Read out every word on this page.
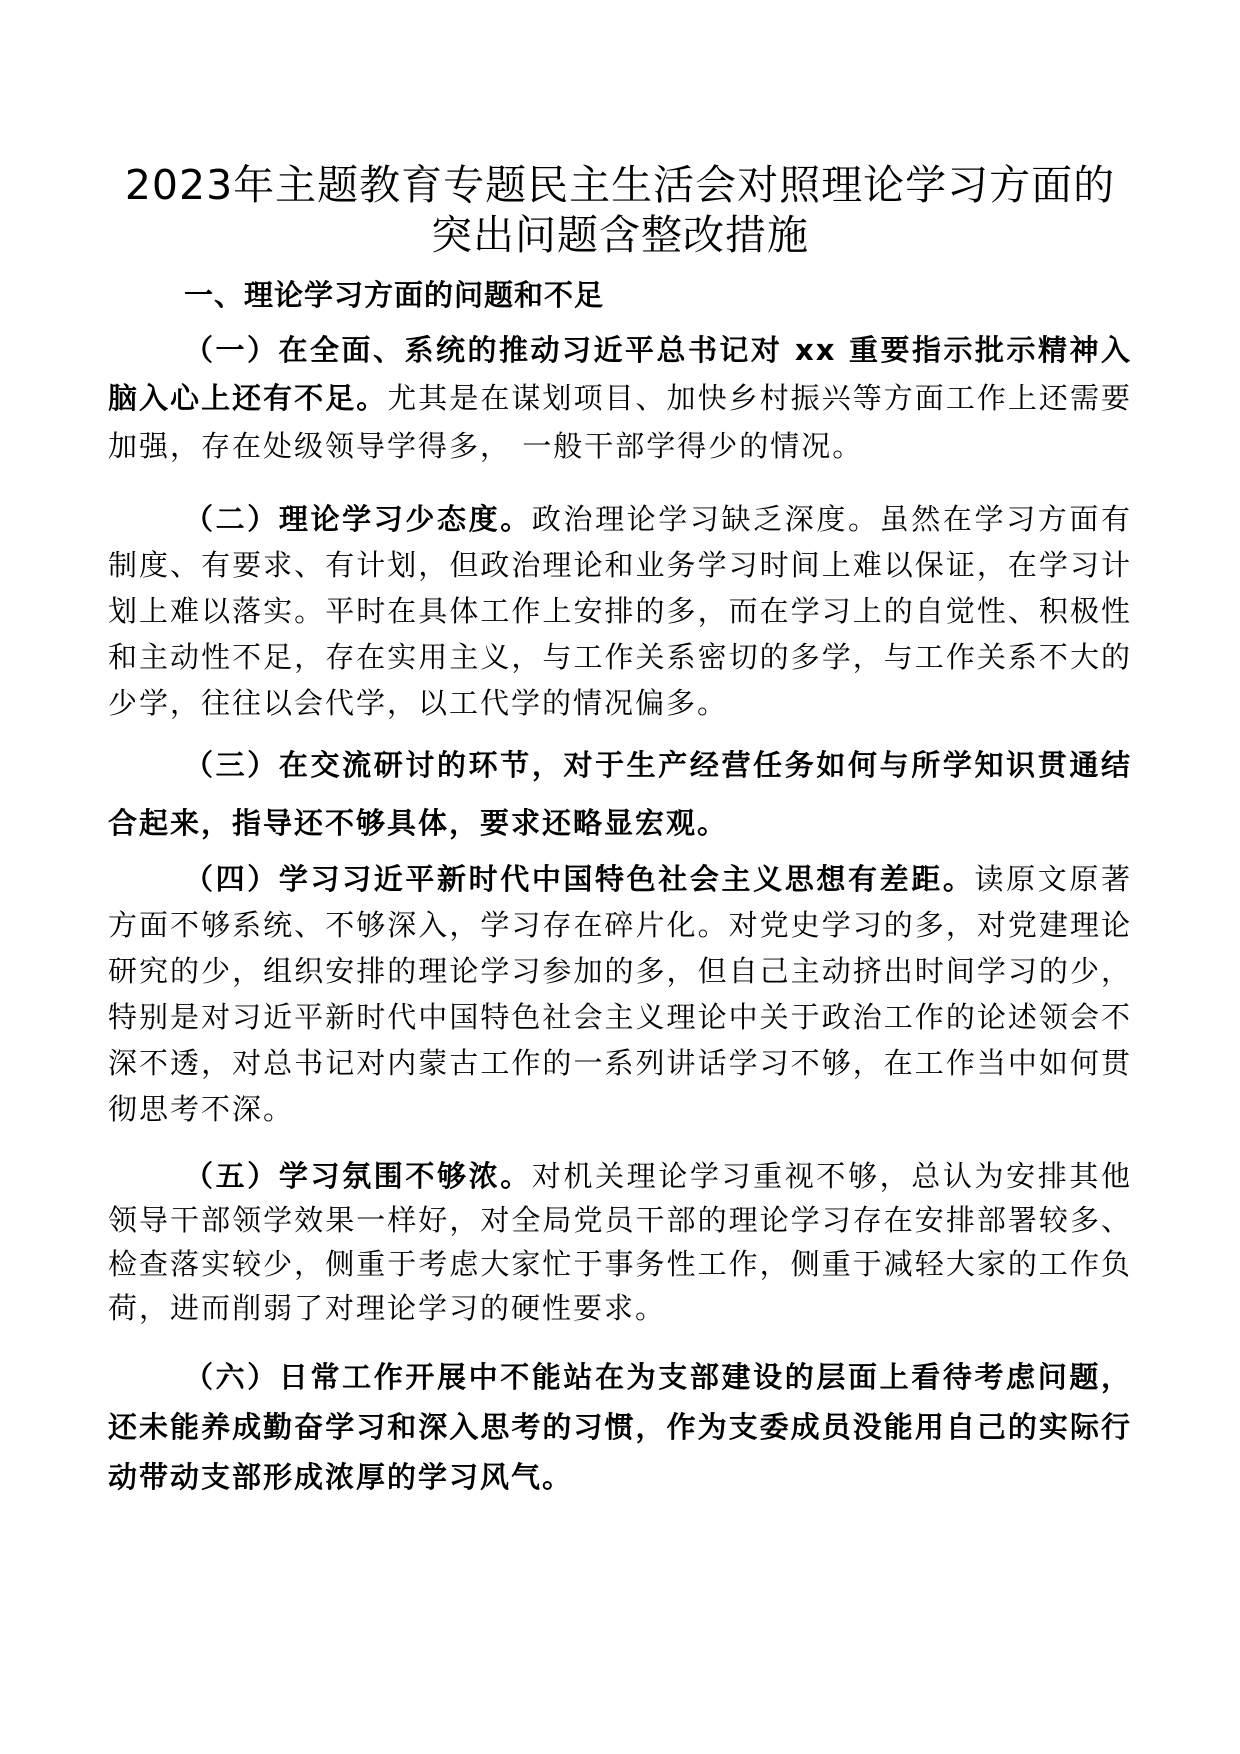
2023年主题教育专题民主生活会对照理论学习方面的
突出问题含整改措施

一、理论学习方面的问题和不足

（一）在全面、系统的推动习近平总书记对 xx 重要指示批示精神入脑入心上还有不足。尤其是在谋划项目、加快乡村振兴等方面工作上还需要加强，存在处级领导学得多， 一般干部学得少的情况。

（二）理论学习少态度。政治理论学习缺乏深度。虽然在学习方面有制度、有要求、有计划，但政治理论和业务学习时间上难以保证，在学习计划上难以落实。平时在具体工作上安排的多，而在学习上的自觉性、积极性和主动性不足，存在实用主义，与工作关系密切的多学，与工作关系不大的少学，往往以会代学，以工代学的情况偏多。

（三）在交流研讨的环节，对于生产经营任务如何与所学知识贯通结合起来，指导还不够具体，要求还略显宏观。

（四）学习习近平新时代中国特色社会主义思想有差距。读原文原著方面不够系统、不够深入，学习存在碎片化。对党史学习的多，对党建理论研究的少，组织安排的理论学习参加的多，但自己主动挤出时间学习的少，特别是对习近平新时代中国特色社会主义理论中关于政治工作的论述领会不深不透，对总书记对内蒙古工作的一系列讲话学习不够，在工作当中如何贯彻思考不深。

（五）学习氛围不够浓。对机关理论学习重视不够，总认为安排其他领导干部领学效果一样好，对全局党员干部的理论学习存在安排部署较多、检查落实较少，侧重于考虑大家忙于事务性工作，侧重于减轻大家的工作负荷，进而削弱了对理论学习的硬性要求。

（六）日常工作开展中不能站在为支部建设的层面上看待考虑问题，还未能养成勤奋学习和深入思考的习惯，作为支委成员没能用自己的实际行动带动支部形成浓厚的学习风气。
